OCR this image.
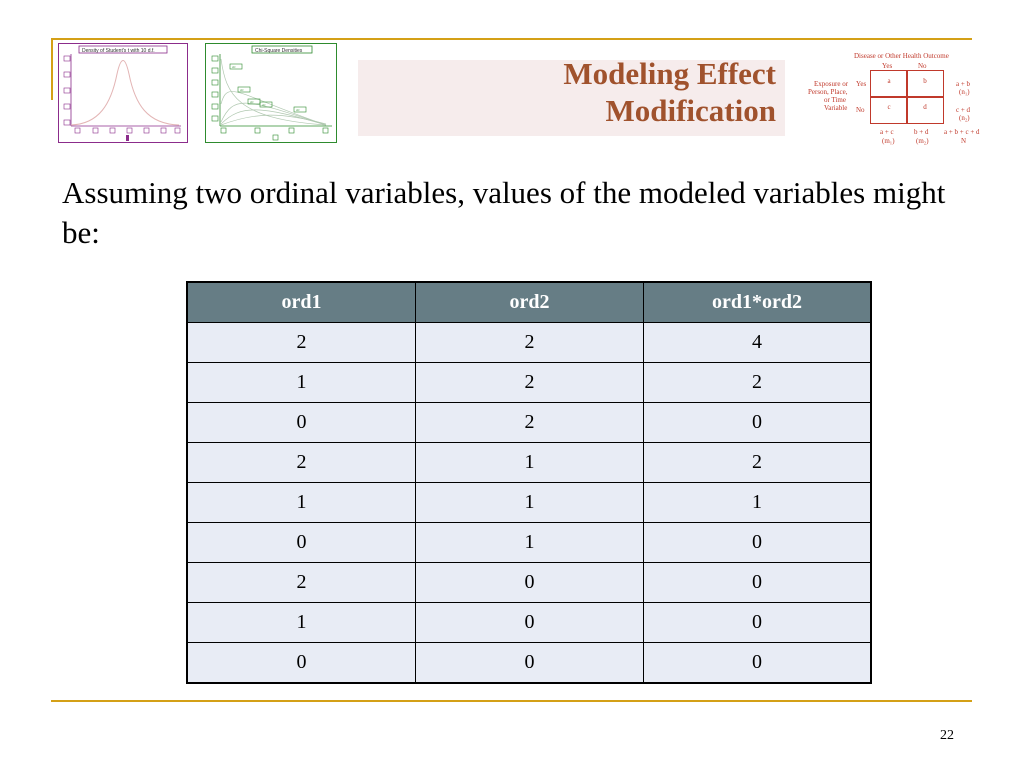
Density of Student's t with 10 d.f.	Chi-Square Densities
d.f.
d.f.
d.f.
d.f.
d.f.
Modeling Effect
Modification
Disease or Other Health Outcome
Yes	No
Exposure or
Person, Place,
or Time
Variable
Yes
No
a	b
c	d
a + b
(n₁)
c + d
(n₂)
a + c
(m₁)
b + d
(m₂)
a + b + c + d
N
Assuming two ordinal variables, values of the modeled variables might be:
ord1	ord2	ord1*ord2
2	2	4
1	2	2
0	2	0
2	1	2
1	1	1
0	1	0
2	0	0
1	0	0
0	0	0
22
